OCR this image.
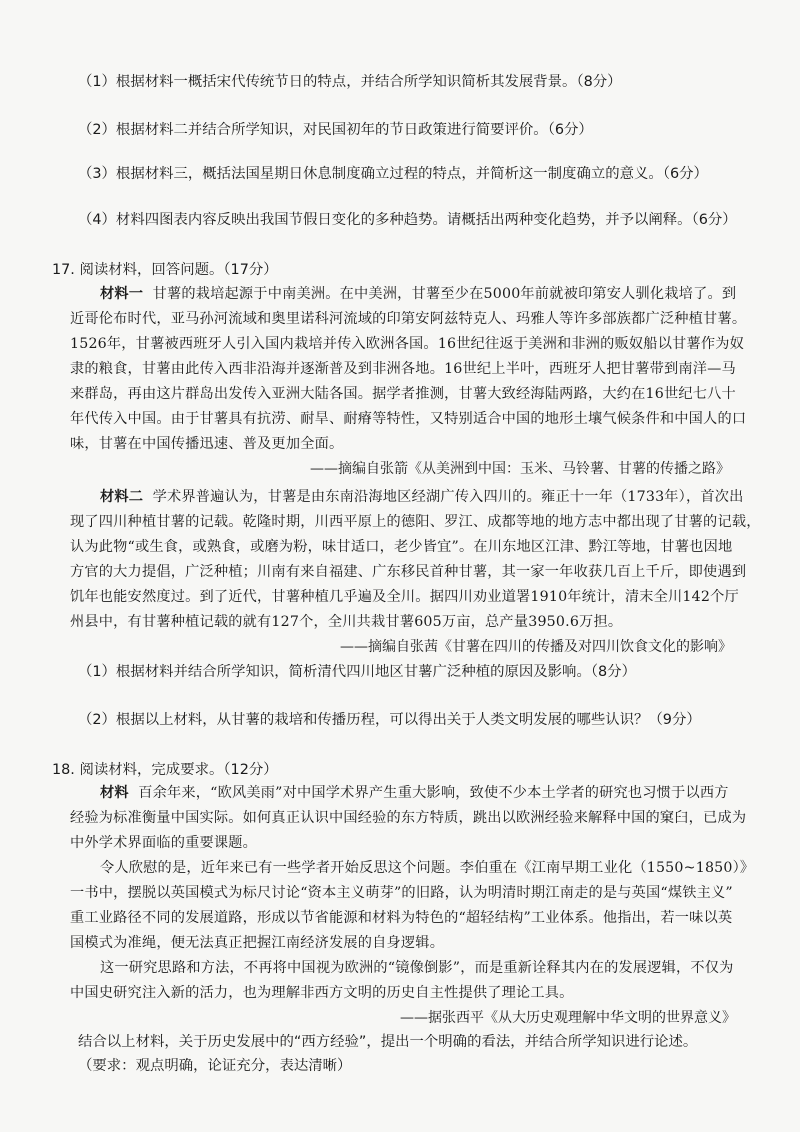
（1）根据材料一概括宋代传统节日的特点，并结合所学知识简析其发展背景。（8分）
（2）根据材料二并结合所学知识，对民国初年的节日政策进行简要评价。（6分）
（3）根据材料三，概括法国星期日休息制度确立过程的特点，并简析这一制度确立的意义。（6分）
（4）材料四图表内容反映出我国节假日变化的多种趋势。请概括出两种变化趋势，并予以阐释。（6分）
17. 阅读材料，回答问题。（17分）
材料一 甘薯的栽培起源于中南美洲。在中美洲，甘薯至少在5000年前就被印第安人驯化栽培了。到
近哥伦布时代，亚马孙河流域和奥里诺科河流域的印第安阿兹特克人、玛雅人等许多部族都广泛种植甘薯。
1526年，甘薯被西班牙人引入国内栽培并传入欧洲各国。16世纪往返于美洲和非洲的贩奴船以甘薯作为奴
隶的粮食，甘薯由此传入西非沿海并逐渐普及到非洲各地。16世纪上半叶，西班牙人把甘薯带到南洋—马
来群岛，再由这片群岛出发传入亚洲大陆各国。据学者推测，甘薯大致经海陆两路，大约在16世纪七八十
年代传入中国。由于甘薯具有抗涝、耐旱、耐瘠等特性，又特别适合中国的地形土壤气候条件和中国人的口
味，甘薯在中国传播迅速、普及更加全面。
——摘编自张箭《从美洲到中国：玉米、马铃薯、甘薯的传播之路》
材料二 学术界普遍认为，甘薯是由东南沿海地区经湖广传入四川的。雍正十一年（1733年），首次出
现了四川种植甘薯的记载。乾隆时期，川西平原上的德阳、罗江、成都等地的地方志中都出现了甘薯的记载，
认为此物“或生食，或熟食，或磨为粉，味甘适口，老少皆宜”。在川东地区江津、黔江等地，甘薯也因地
方官的大力提倡，广泛种植；川南有来自福建、广东移民首种甘薯，其一家一年收获几百上千斤，即使遇到
饥年也能安然度过。到了近代，甘薯种植几乎遍及全川。据四川劝业道署1910年统计，清末全川142个厅
州县中，有甘薯种植记载的就有127个，全川共栽甘薯605万亩，总产量3950.6万担。
——摘编自张茜《甘薯在四川的传播及对四川饮食文化的影响》
（1）根据材料并结合所学知识，简析清代四川地区甘薯广泛种植的原因及影响。（8分）
（2）根据以上材料，从甘薯的栽培和传播历程，可以得出关于人类文明发展的哪些认识？（9分）
18. 阅读材料，完成要求。（12分）
材料 百余年来，“欧风美雨”对中国学术界产生重大影响，致使不少本土学者的研究也习惯于以西方
经验为标准衡量中国实际。如何真正认识中国经验的东方特质，跳出以欧洲经验来解释中国的窠臼，已成为
中外学术界面临的重要课题。
令人欣慰的是，近年来已有一些学者开始反思这个问题。李伯重在《江南早期工业化（1550~1850）》
一书中，摆脱以英国模式为标尺讨论“资本主义萌芽”的旧路，认为明清时期江南走的是与英国“煤铁主义”
重工业路径不同的发展道路，形成以节省能源和材料为特色的“超轻结构”工业体系。他指出，若一味以英
国模式为准绳，便无法真正把握江南经济发展的自身逻辑。
这一研究思路和方法，不再将中国视为欧洲的“镜像倒影”，而是重新诠释其内在的发展逻辑，不仅为
中国史研究注入新的活力，也为理解非西方文明的历史自主性提供了理论工具。
——据张西平《从大历史观理解中华文明的世界意义》
结合以上材料，关于历史发展中的“西方经验”，提出一个明确的看法，并结合所学知识进行论述。
（要求：观点明确，论证充分，表达清晰）
